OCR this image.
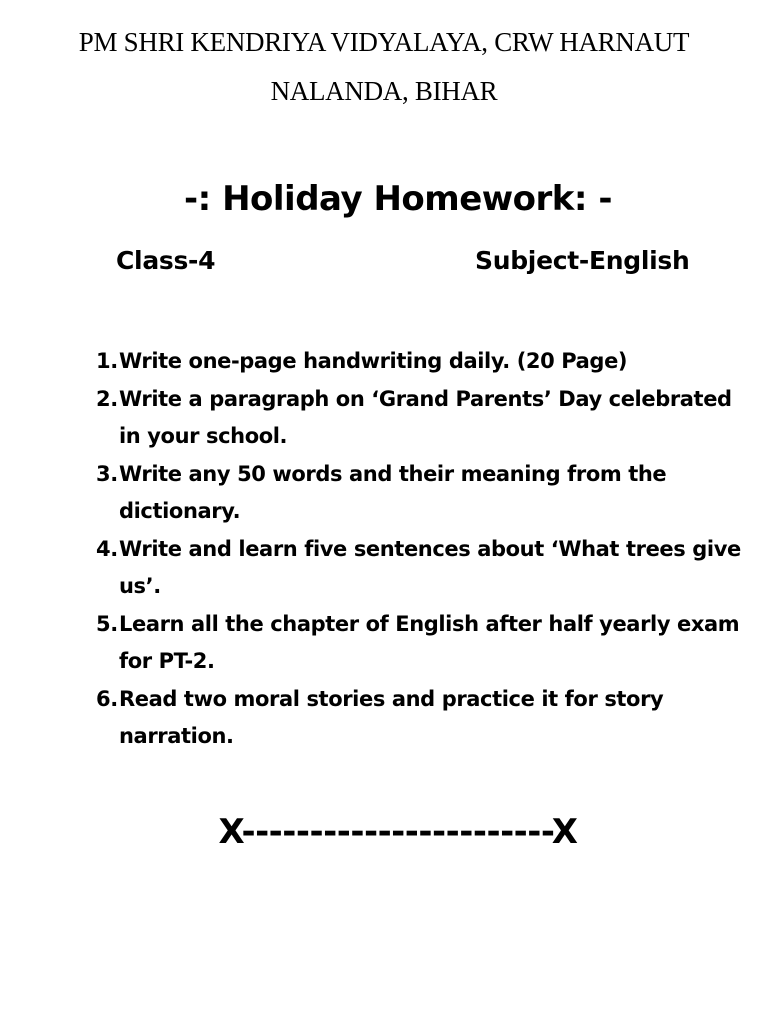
PM SHRI KENDRIYA VIDYALAYA, CRW HARNAUT
NALANDA, BIHAR
-: Holiday Homework: -
Class-4	Subject-English
1. Write one-page handwriting daily. (20 Page)
2. Write a paragraph on ‘Grand Parents’ Day celebrated in your school.
3. Write any 50 words and their meaning from the dictionary.
4. Write and learn five sentences about ‘What trees give us’.
5. Learn all the chapter of English after half yearly exam for PT-2.
6. Read two moral stories and practice it for story narration.
X-----------------------X
